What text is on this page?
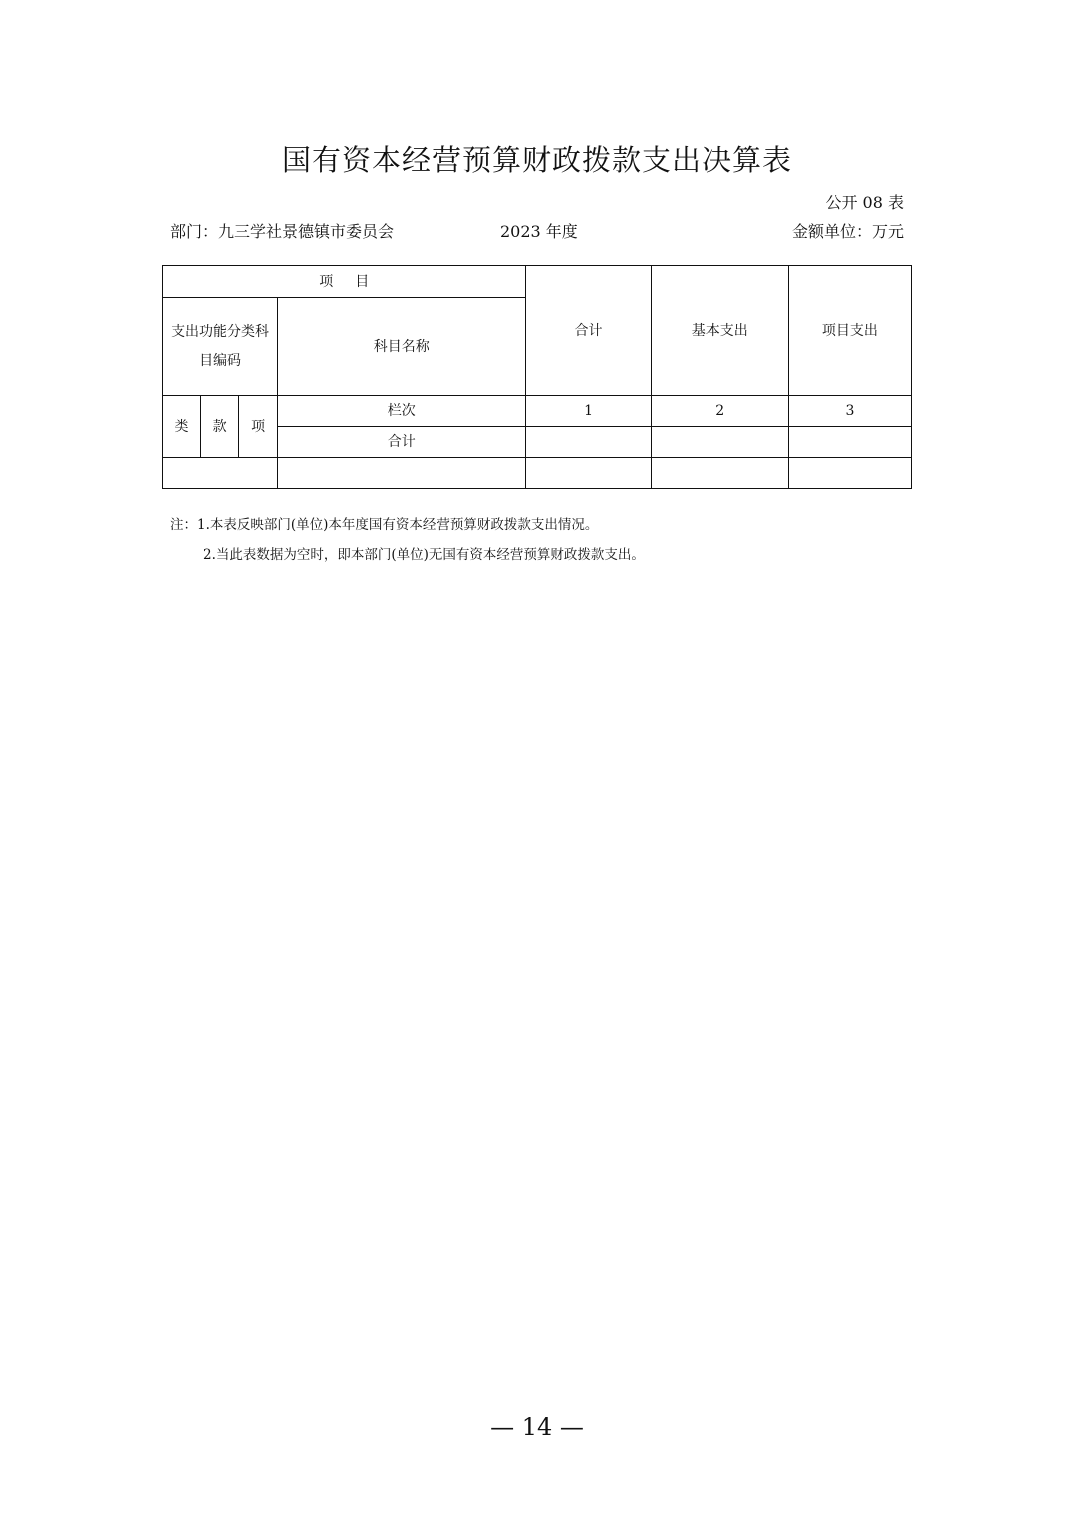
国有资本经营预算财政拨款支出决算表
公开 08 表
部门：九三学社景德镇市委员会	2023 年度	金额单位：万元
项目				合计	基本支出	项目支出
支出功能分类科目编码			科目名称			
类	款	项	栏次	1	2	3
			合计			

注：1.本表反映部门(单位)本年度国有资本经营预算财政拨款支出情况。
2.当此表数据为空时，即本部门(单位)无国有资本经营预算财政拨款支出。
— 14 —
